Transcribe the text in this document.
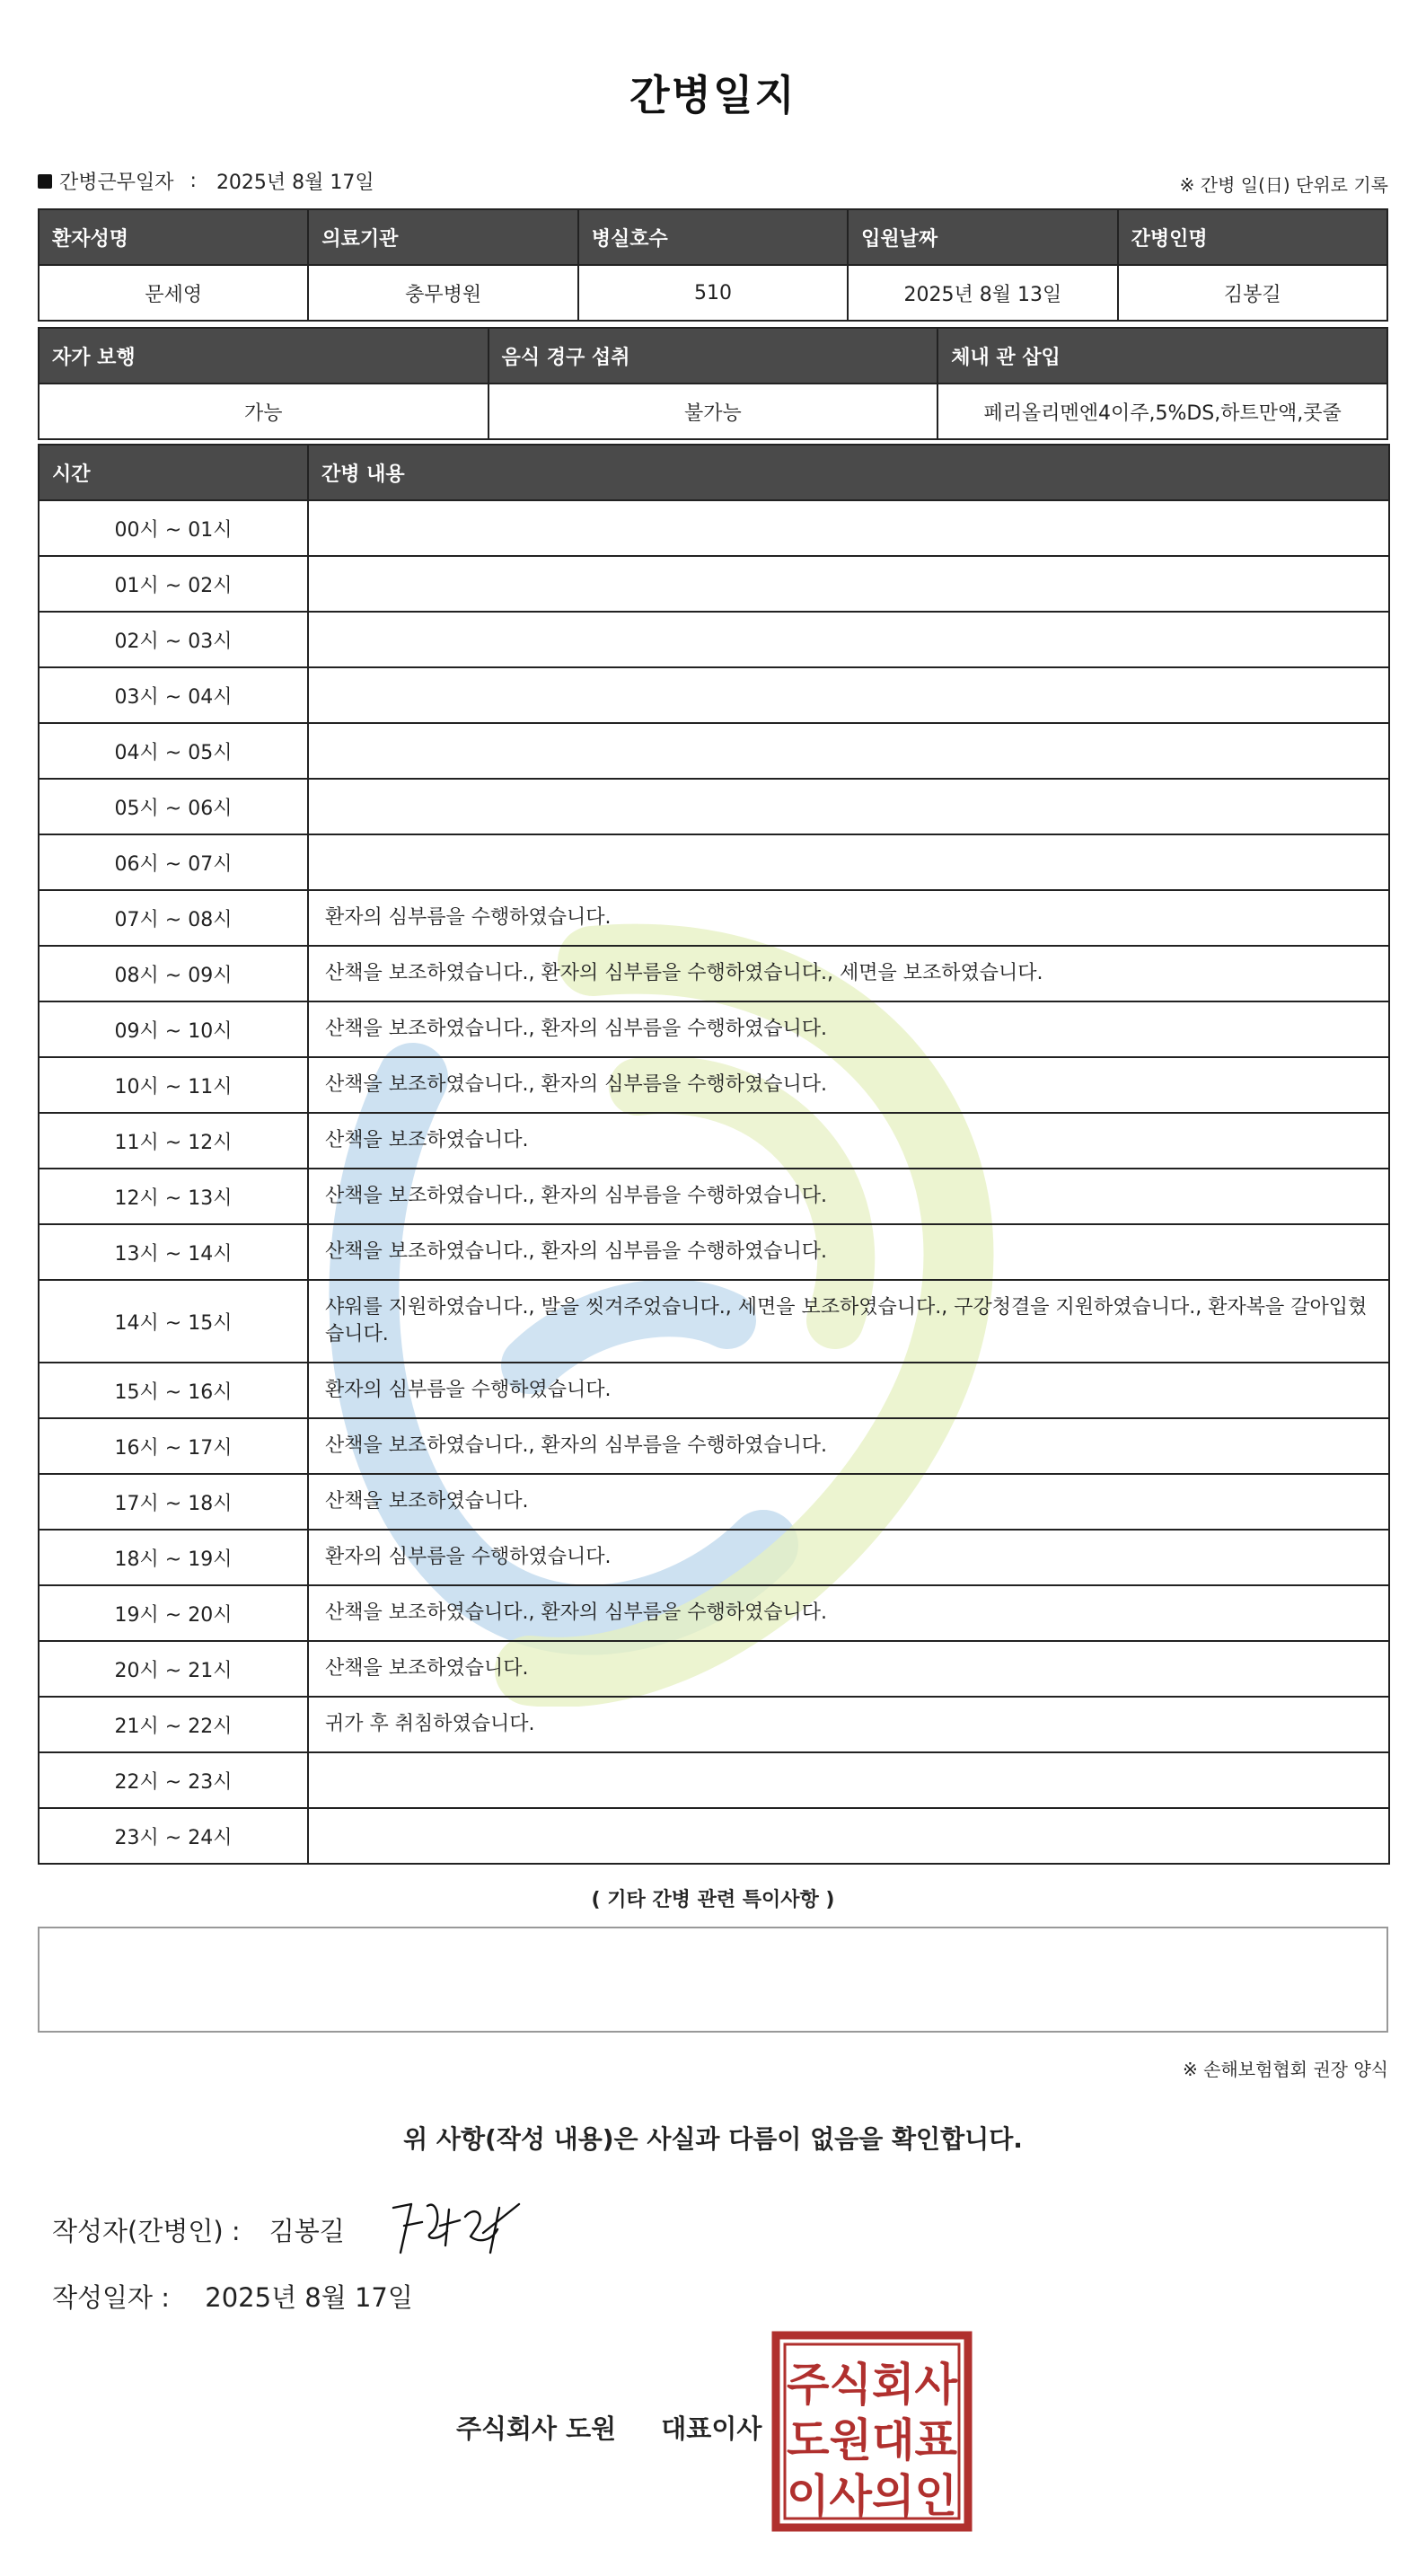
간병일지
간병근무일자 : 2025년 8월 17일	※ 간병 일(日) 단위로 기록
환자성명	의료기관	병실호수	입원날짜	간병인명
문세영	충무병원	510	2025년 8월 13일	김봉길
자가 보행	음식 경구 섭취	체내 관 삽입
가능	불가능	페리올리멘엔4이주,5%DS,하트만액,콧줄
시간	간병 내용
00시 ~ 01시	
01시 ~ 02시	
02시 ~ 03시	
03시 ~ 04시	
04시 ~ 05시	
05시 ~ 06시	
06시 ~ 07시	
07시 ~ 08시	환자의 심부름을 수행하였습니다.
08시 ~ 09시	산책을 보조하였습니다., 환자의 심부름을 수행하였습니다., 세면을 보조하였습니다.
09시 ~ 10시	산책을 보조하였습니다., 환자의 심부름을 수행하였습니다.
10시 ~ 11시	산책을 보조하였습니다., 환자의 심부름을 수행하였습니다.
11시 ~ 12시	산책을 보조하였습니다.
12시 ~ 13시	산책을 보조하였습니다., 환자의 심부름을 수행하였습니다.
13시 ~ 14시	산책을 보조하였습니다., 환자의 심부름을 수행하였습니다.
14시 ~ 15시	샤워를 지원하였습니다., 발을 씻겨주었습니다., 세면을 보조하였습니다., 구강청결을 지원하였습니다., 환자복을 갈아입혔습니다.
15시 ~ 16시	환자의 심부름을 수행하였습니다.
16시 ~ 17시	산책을 보조하였습니다., 환자의 심부름을 수행하였습니다.
17시 ~ 18시	산책을 보조하였습니다.
18시 ~ 19시	환자의 심부름을 수행하였습니다.
19시 ~ 20시	산책을 보조하였습니다., 환자의 심부름을 수행하였습니다.
20시 ~ 21시	산책을 보조하였습니다.
21시 ~ 22시	귀가 후 취침하였습니다.
22시 ~ 23시	
23시 ~ 24시	
( 기타 간병 관련 특이사항 )
※ 손해보험협회 권장 양식
위 사항(작성 내용)은 사실과 다름이 없음을 확인합니다.
작성자(간병인) : 김봉길
작성일자 : 2025년 8월 17일
주식회사 도원 대표이사
주식회사
도원대표
이사의인
